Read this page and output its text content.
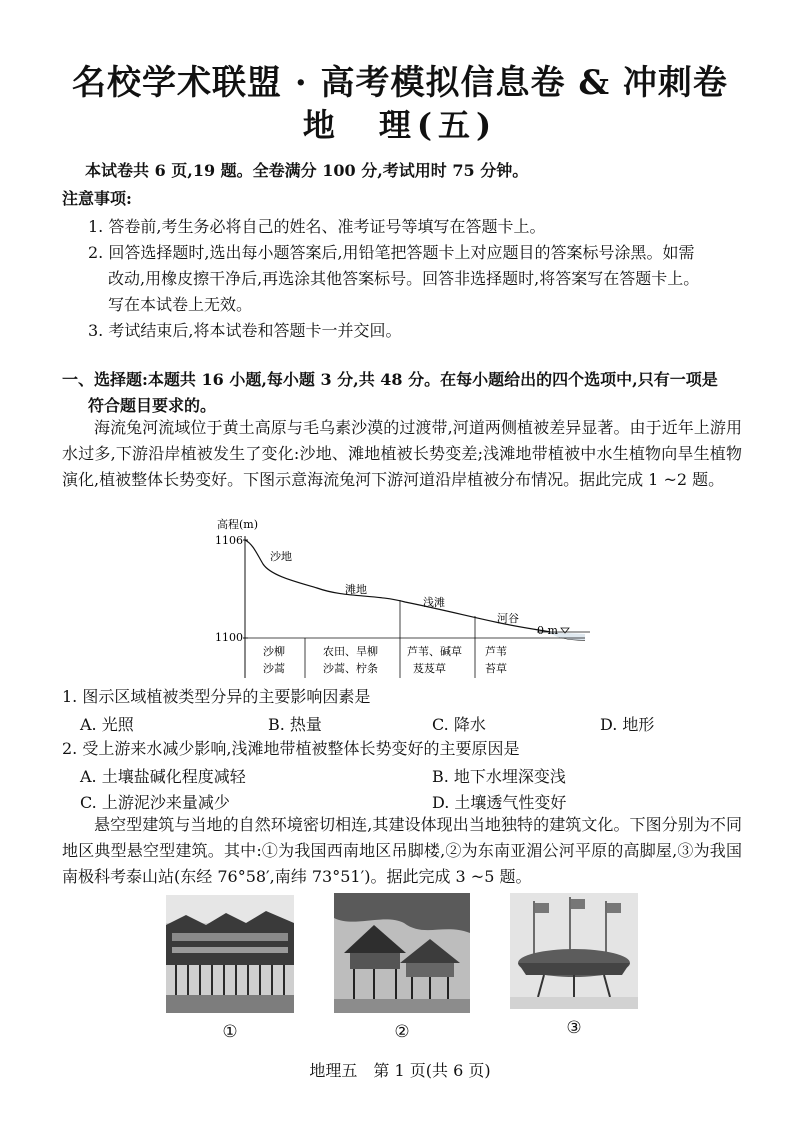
名校学术联盟 · 高考模拟信息卷 & 冲刺卷
地　理(五)
本试卷共 6 页,19 题。全卷满分 100 分,考试用时 75 分钟。
注意事项:
1. 答卷前,考生务必将自己的姓名、准考证号等填写在答题卡上。
2. 回答选择题时,选出每小题答案后,用铅笔把答题卡上对应题目的答案标号涂黑。如需
改动,用橡皮擦干净后,再选涂其他答案标号。回答非选择题时,将答案写在答题卡上。
写在本试卷上无效。
3. 考试结束后,将本试卷和答题卡一并交回。
一、选择题:本题共 16 小题,每小题 3 分,共 48 分。在每小题给出的四个选项中,只有一项是
符合题目要求的。
海流兔河流域位于黄土高原与毛乌素沙漠的过渡带,河道两侧植被差异显著。由于近年上游用水过多,下游沿岸植被发生了变化:沙地、滩地植被长势变差;浅滩地带植被中水生植物向旱生植物演化,植被整体长势变好。下图示意海流兔河下游河道沿岸植被分布情况。据此完成 1 ~2 题。
高程(m)
1106
1100
沙地
滩地
浅滩
河谷
0 m
沙柳
沙蒿
农田、旱柳
沙蒿、柠条
芦苇、碱草
芨芨草
芦苇
苔草
1. 图示区域植被类型分异的主要影响因素是
A. 光照	B. 热量	C. 降水	D. 地形
2. 受上游来水减少影响,浅滩地带植被整体长势变好的主要原因是
A. 土壤盐碱化程度减轻	B. 地下水埋深变浅
C. 上游泥沙来量减少	D. 土壤透气性变好
悬空型建筑与当地的自然环境密切相连,其建设体现出当地独特的建筑文化。下图分别为不同地区典型悬空型建筑。其中:①为我国西南地区吊脚楼,②为东南亚湄公河平原的高脚屋,③为我国南极科考泰山站(东经 76°58′,南纬 73°51′)。据此完成 3 ~5 题。
①	②	③
地理五　第 1 页(共 6 页)
